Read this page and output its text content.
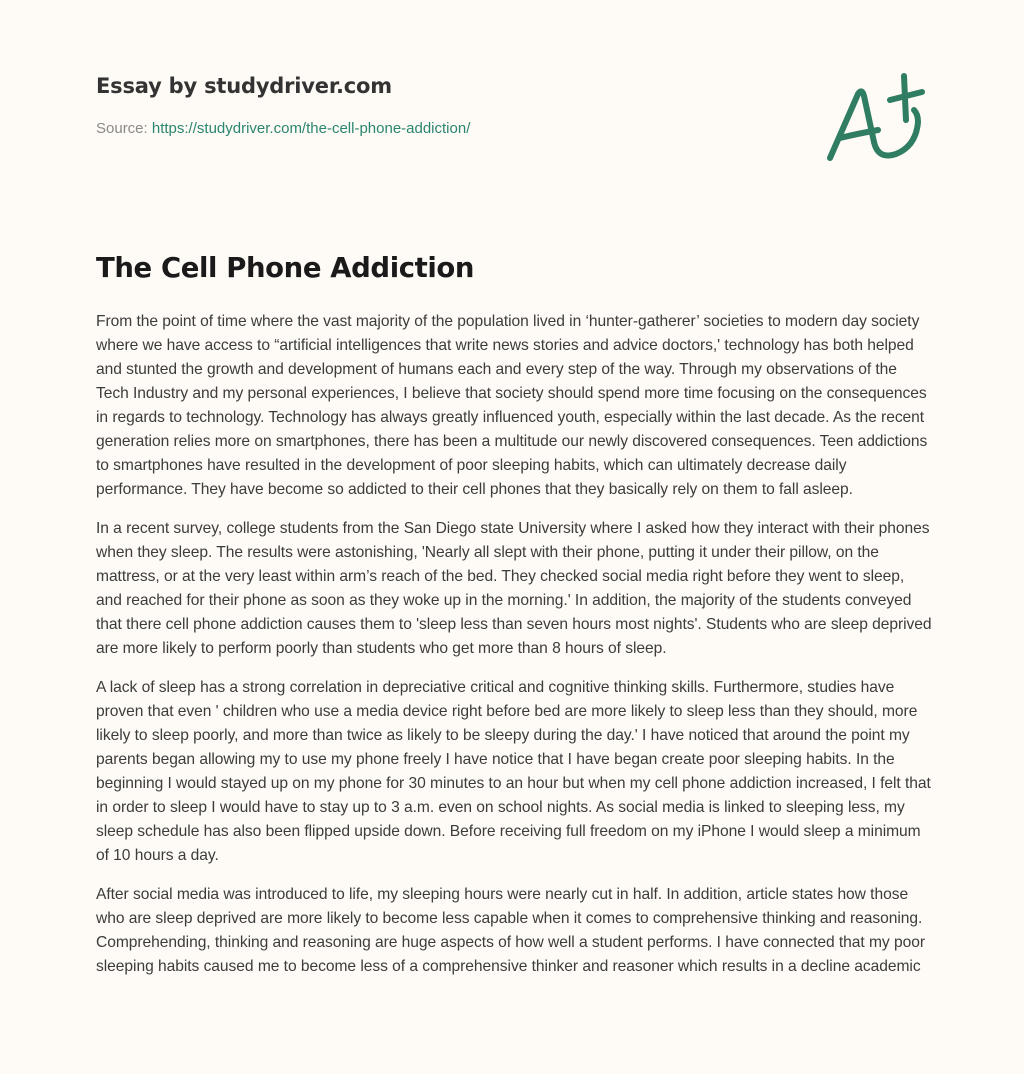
Essay by studydriver.com
Source: https://studydriver.com/the-cell-phone-addiction/
The Cell Phone Addiction

From the point of time where the vast majority of the population lived in ‘hunter-gatherer’ societies to modern day society where we have access to “artificial intelligences that write news stories and advice doctors,' technology has both helped and stunted the growth and development of humans each and every step of the way. Through my observations of the Tech Industry and my personal experiences, I believe that society should spend more time focusing on the consequences in regards to technology. Technology has always greatly influenced youth, especially within the last decade. As the recent generation relies more on smartphones, there has been a multitude our newly discovered consequences. Teen addictions to smartphones have resulted in the development of poor sleeping habits, which can ultimately decrease daily performance. They have become so addicted to their cell phones that they basically rely on them to fall asleep.

In a recent survey, college students from the San Diego state University where I asked how they interact with their phones when they sleep. The results were astonishing, 'Nearly all slept with their phone, putting it under their pillow, on the mattress, or at the very least within arm’s reach of the bed. They checked social media right before they went to sleep, and reached for their phone as soon as they woke up in the morning.' In addition, the majority of the students conveyed that there cell phone addiction causes them to 'sleep less than seven hours most nights'. Students who are sleep deprived are more likely to perform poorly than students who get more than 8 hours of sleep.

A lack of sleep has a strong correlation in depreciative critical and cognitive thinking skills. Furthermore, studies have proven that even ' children who use a media device right before bed are more likely to sleep less than they should, more likely to sleep poorly, and more than twice as likely to be sleepy during the day.' I have noticed that around the point my parents began allowing my to use my phone freely I have notice that I have began create poor sleeping habits. In the beginning I would stayed up on my phone for 30 minutes to an hour but when my cell phone addiction increased, I felt that in order to sleep I would have to stay up to 3 a.m. even on school nights. As social media is linked to sleeping less, my sleep schedule has also been flipped upside down. Before receiving full freedom on my iPhone I would sleep a minimum of 10 hours a day.

After social media was introduced to life, my sleeping hours were nearly cut in half. In addition, article states how those who are sleep deprived are more likely to become less capable when it comes to comprehensive thinking and reasoning. Comprehending, thinking and reasoning are huge aspects of how well a student performs. I have connected that my poor sleeping habits caused me to become less of a comprehensive thinker and reasoner which results in a decline academic
